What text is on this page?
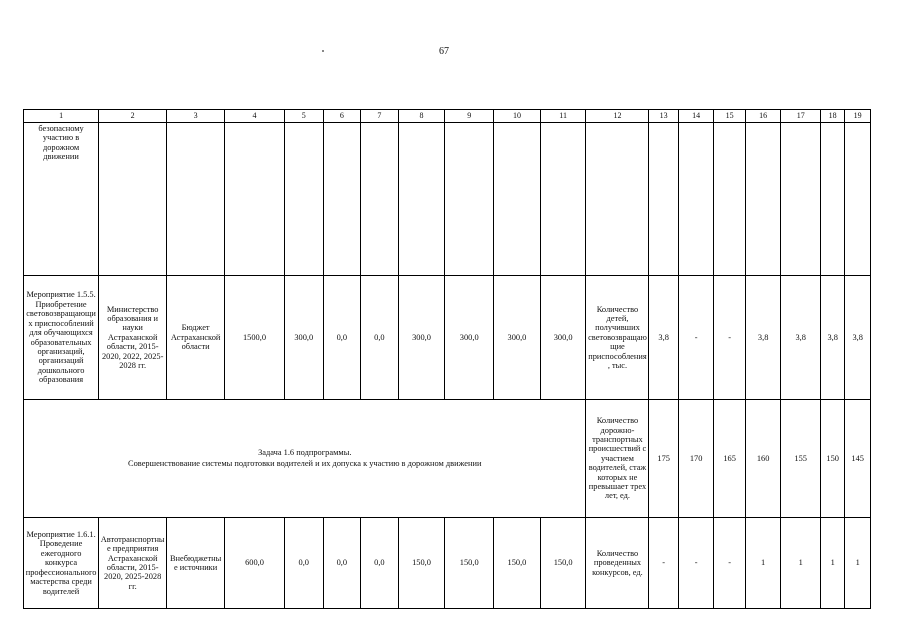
67
1	2	3	4	5	6	7	8	9	10	11	12	13	14	15	16	17	18	19
безопасному участию в дорожном движении																		
Мероприятие 1.5.5. Приобретение световозвращающих приспособлений для обучающихся образовательных организаций, организаций дошкольного образования	Министерство образования и науки Астраханской области, 2015-2020, 2022, 2025-2028 гг.	Бюджет Астраханской области	1500,0	300,0	0,0	0,0	300,0	300,0	300,0	300,0	Количество детей, получивших световозвращающие приспособления, тыс.	3,8	-	-	3,8	3,8	3,8	3,8

Задача 1.6 подпрограммы.
Совершенствование системы подготовки водителей и их допуска к участию в дорожном движении											Количество дорожно-транспортных происшествий с участием водителей, стаж которых не превышает трех лет, ед.	175	170	165	160	155	150	145
Мероприятие 1.6.1. Проведение ежегодного конкурса профессионального мастерства среди водителей	Автотранспортные предприятия Астраханской области, 2015-2020, 2025-2028 гг.	Внебюджетные источники	600,0	0,0	0,0	0,0	150,0	150,0	150,0	150,0	Количество проведенных конкурсов, ед.	-	-	-	1	1	1	1
